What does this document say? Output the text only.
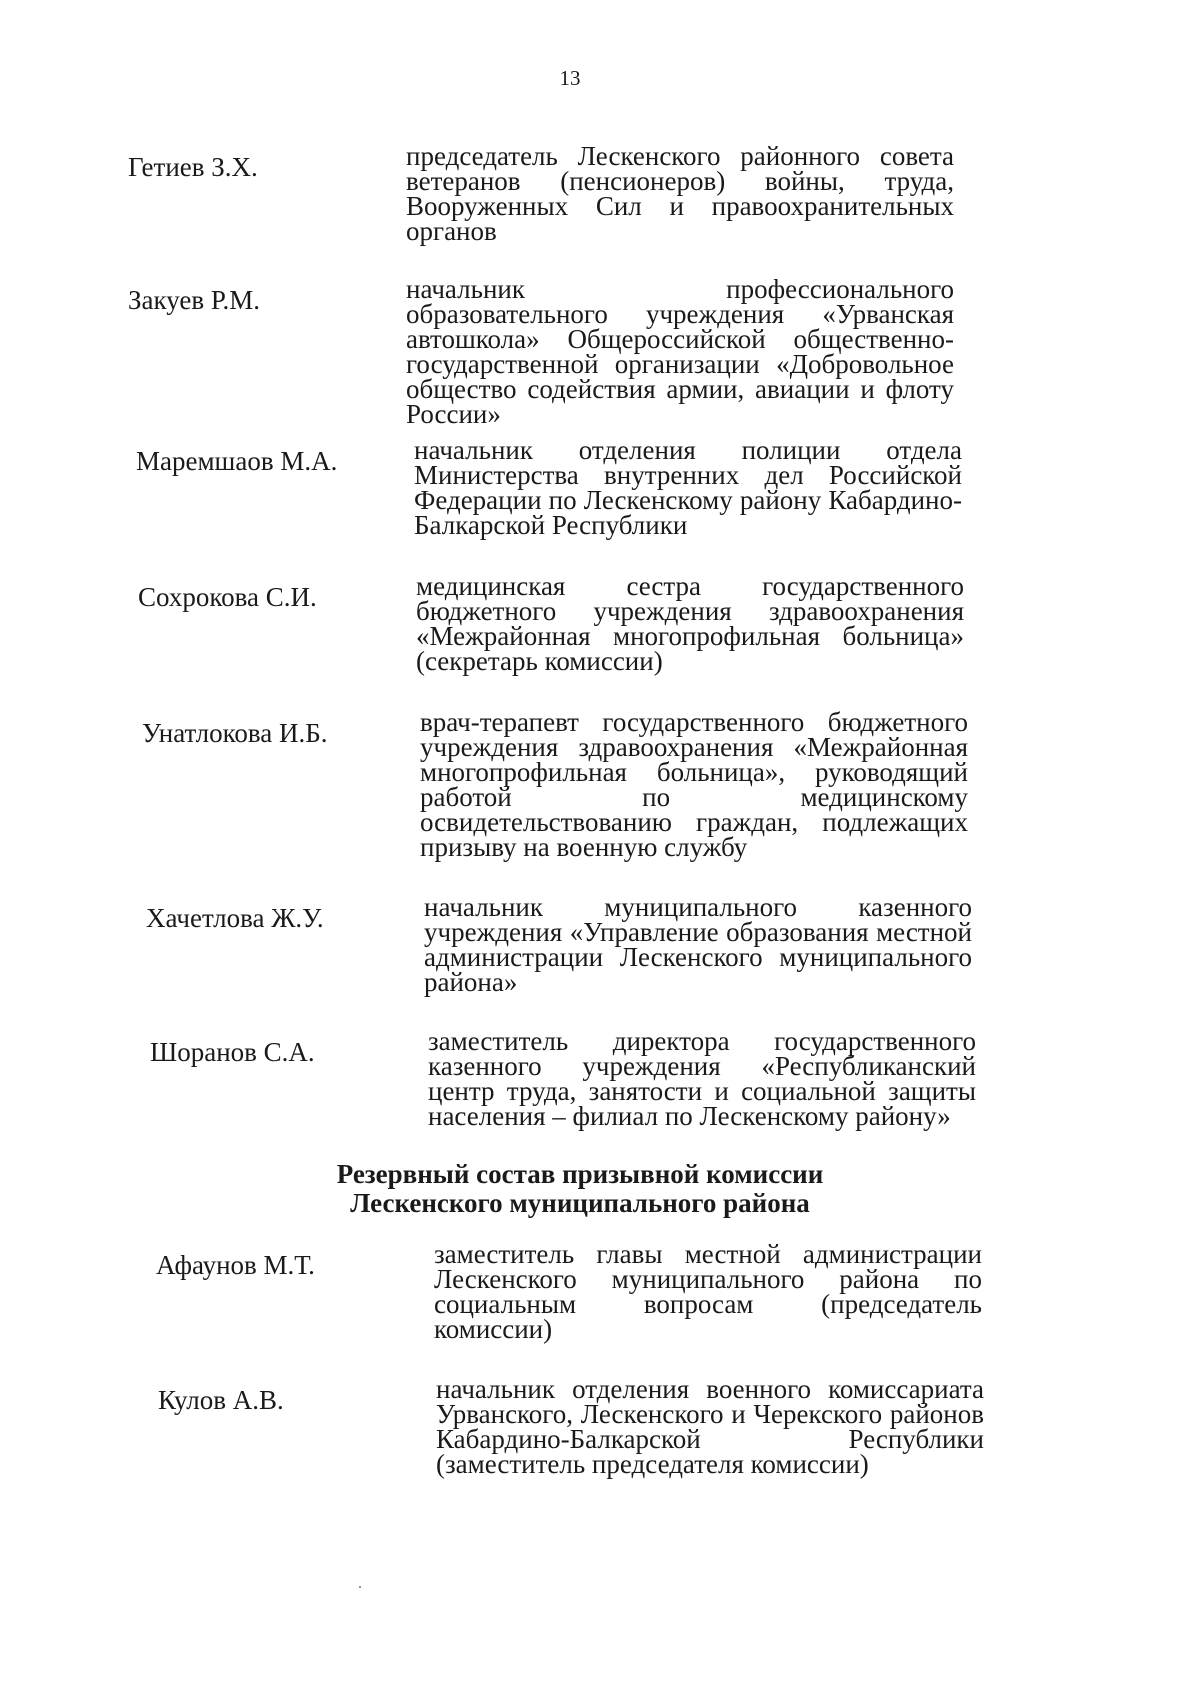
13
Гетиев З.Х.	председатель Лескенского районного совета ветеранов (пенсионеров) войны, труда, Вооруженных Сил и правоохранительных органов
Закуев Р.М.	начальник профессионального образовательного учреждения «Урванская автошкола» Общероссийской общественно-государственной организации «Добровольное общество содействия армии, авиации и флоту России»
Маремшаов М.А.	начальник отделения полиции отдела Министерства внутренних дел Российской Федерации по Лескенскому району Кабардино-Балкарской Республики
Сохрокова С.И.	медицинская сестра государственного бюджетного учреждения здравоохранения «Межрайонная многопрофильная больница» (секретарь комиссии)
Унатлокова И.Б.	врач-терапевт государственного бюджетного учреждения здравоохранения «Межрайонная многопрофильная больница», руководящий работой по медицинскому освидетельствованию граждан, подлежащих призыву на военную службу
Хачетлова Ж.У.	начальник муниципального казенного учреждения «Управление образования местной администрации Лескенского муниципального района»
Шоранов С.А.	заместитель директора государственного казенного учреждения «Республиканский центр труда, занятости и социальной защиты населения – филиал по Лескенскому району»
Резервный состав призывной комиссии
Лескенского муниципального района
Афаунов М.Т.	заместитель главы местной администрации Лескенского муниципального района по социальным вопросам (председатель комиссии)
Кулов А.В.	начальник отделения военного комиссариата Урванского, Лескенского и Черекского районов Кабардино-Балкарской Республики (заместитель председателя комиссии)
